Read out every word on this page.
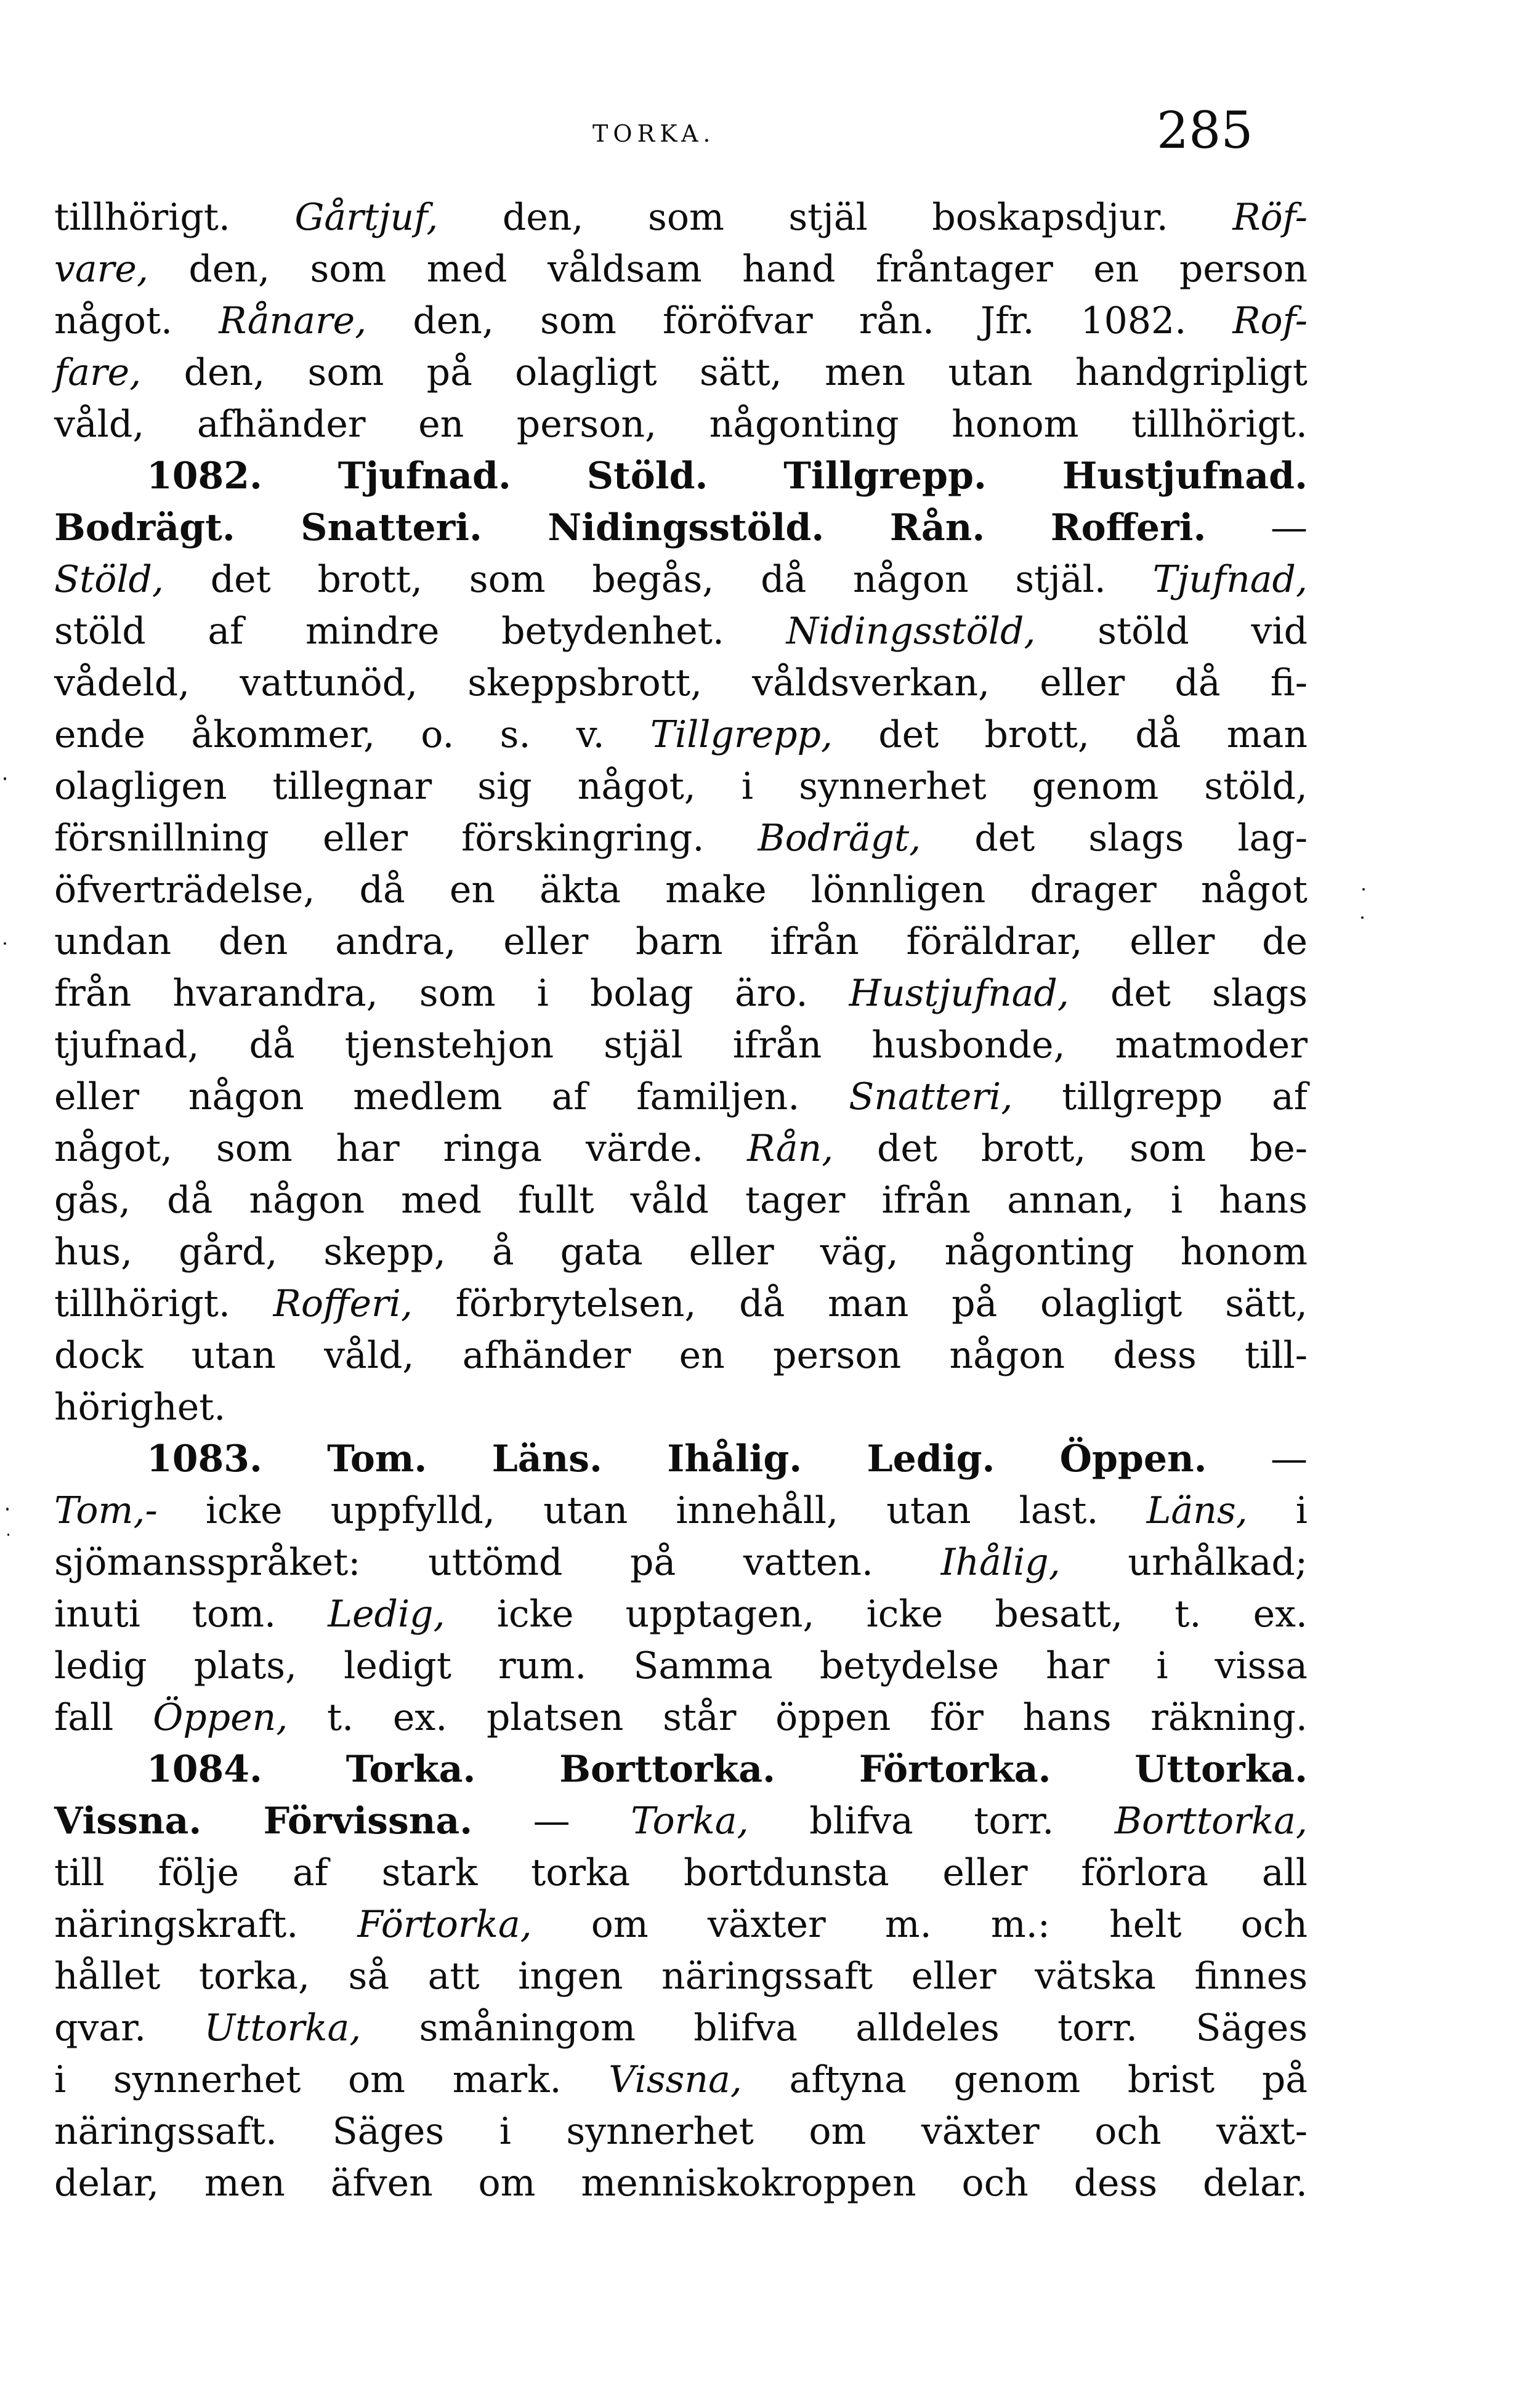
TORKA.	285
tillhörigt. Gårtjuf, den, som stjäl boskapsdjur. Röf-
vare, den, som med våldsam hand fråntager en person
något. Rånare, den, som föröfvar rån. Jfr. 1082. Rof-
fare, den, som på olagligt sätt, men utan handgripligt
våld, afhänder en person, någonting honom tillhörigt.
1082. Tjufnad. Stöld. Tillgrepp. Hustjufnad.
Bodrägt. Snatteri. Nidingsstöld. Rån. Rofferi. —
Stöld, det brott, som begås, då någon stjäl. Tjufnad,
stöld af mindre betydenhet. Nidingsstöld, stöld vid
vådeld, vattunöd, skeppsbrott, våldsverkan, eller då fi-
ende åkommer, o. s. v. Tillgrepp, det brott, då man
olagligen tillegnar sig något, i synnerhet genom stöld,
försnillning eller förskingring. Bodrägt, det slags lag-
öfverträdelse, då en äkta make lönnligen drager något
undan den andra, eller barn ifrån föräldrar, eller de
från hvarandra, som i bolag äro. Hustjufnad, det slags
tjufnad, då tjenstehjon stjäl ifrån husbonde, matmoder
eller någon medlem af familjen. Snatteri, tillgrepp af
något, som har ringa värde. Rån, det brott, som be-
gås, då någon med fullt våld tager ifrån annan, i hans
hus, gård, skepp, å gata eller väg, någonting honom
tillhörigt. Rofferi, förbrytelsen, då man på olagligt sätt,
dock utan våld, afhänder en person någon dess till-
hörighet.
1083. Tom. Läns. Ihålig. Ledig. Öppen. —
Tom,- icke uppfylld, utan innehåll, utan last. Läns, i
sjömansspråket: uttömd på vatten. Ihålig, urhålkad;
inuti tom. Ledig, icke upptagen, icke besatt, t. ex.
ledig plats, ledigt rum. Samma betydelse har i vissa
fall Öppen, t. ex. platsen står öppen för hans räkning.
1084. Torka. Borttorka. Förtorka. Uttorka.
Vissna. Förvissna. — Torka, blifva torr. Borttorka,
till följe af stark torka bortdunsta eller förlora all
näringskraft. Förtorka, om växter m. m.: helt och
hållet torka, så att ingen näringssaft eller vätska finnes
qvar. Uttorka, småningom blifva alldeles torr. Säges
i synnerhet om mark. Vissna, aftyna genom brist på
näringssaft. Säges i synnerhet om växter och växt-
delar, men äfven om menniskokroppen och dess delar.
